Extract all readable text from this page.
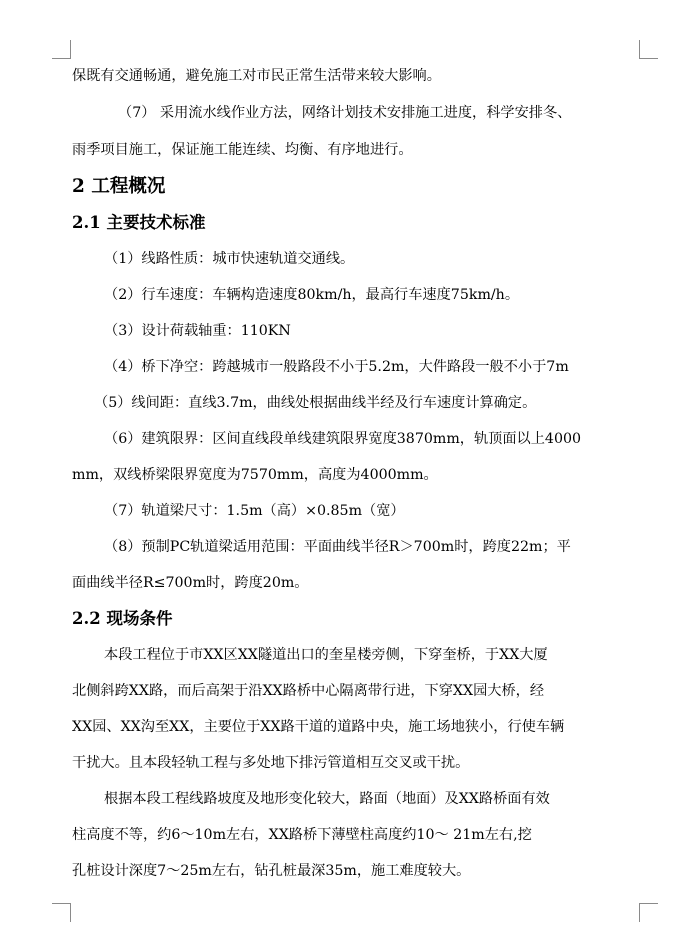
保既有交通畅通，避免施工对市民正常生活带来较大影响。
（7） 采用流水线作业方法，网络计划技术安排施工进度，科学安排冬、
雨季项目施工，保证施工能连续、均衡、有序地进行。
2 工程概况
2.1 主要技术标准
（1）线路性质：城市快速轨道交通线。
（2）行车速度：车辆构造速度80km/h，最高行车速度75km/h。
（3）设计荷载轴重：110KN
（4）桥下净空：跨越城市一般路段不小于5.2m，大件路段一般不小于7m
（5）线间距：直线3.7m，曲线处根据曲线半经及行车速度计算确定。
（6）建筑限界：区间直线段单线建筑限界宽度3870mm，轨顶面以上4000
mm，双线桥梁限界宽度为7570mm，高度为4000mm。
（7）轨道梁尺寸：1.5m（高）×0.85m（宽）
（8）预制PC轨道梁适用范围：平面曲线半径R＞700m时，跨度22m；平
面曲线半径R≤700m时，跨度20m。
2.2 现场条件
本段工程位于市XX区XX隧道出口的奎星楼旁侧，下穿奎桥，于XX大厦
北侧斜跨XX路，而后高架于沿XX路桥中心隔离带行进，下穿XX园大桥，经
XX园、XX沟至XX，主要位于XX路干道的道路中央，施工场地狭小，行使车辆
干扰大。且本段轻轨工程与多处地下排污管道相互交叉或干扰。
根据本段工程线路坡度及地形变化较大，路面（地面）及XX路桥面有效
柱高度不等，约6～10m左右，XX路桥下薄壁柱高度约10～ 21m左右,挖
孔桩设计深度7～25m左右，钻孔桩最深35m，施工难度较大。
